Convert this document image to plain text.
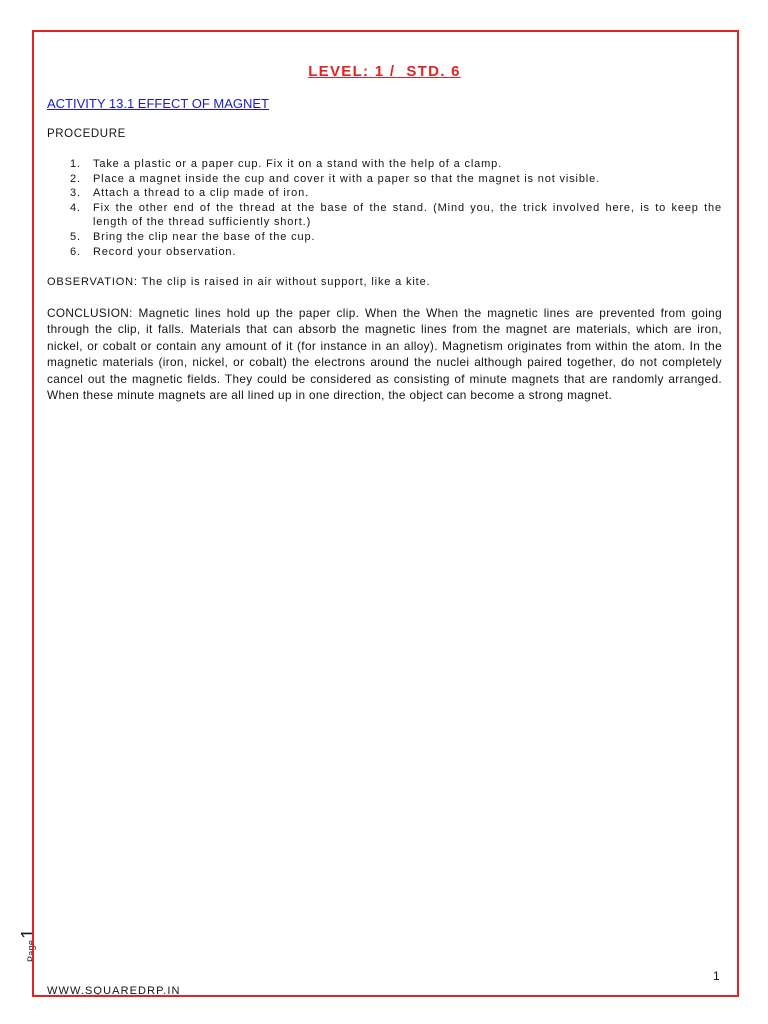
LEVEL: 1 /  STD. 6
ACTIVITY 13.1 EFFECT OF MAGNET
PROCEDURE
1.	Take a plastic or a paper cup. Fix it on a stand with the help of a clamp.
2.	Place a magnet inside the cup and cover it with a paper so that the magnet is not visible.
3.	Attach a thread to a clip made of iron.
4.	Fix the other end of the thread at the base of the stand. (Mind you, the trick involved here, is to keep the length of the thread sufficiently short.)
5.	Bring the clip near the base of the cup.
6.	Record your observation.
OBSERVATION: The clip is raised in air without support, like a kite.
CONCLUSION: Magnetic lines hold up the paper clip. When the When the magnetic lines are prevented from going through the clip, it falls. Materials that can absorb the magnetic lines from the magnet are materials, which are iron, nickel, or cobalt or contain any amount of it (for instance in an alloy). Magnetism originates from within the atom. In the magnetic materials (iron, nickel, or cobalt) the electrons around the nuclei although paired together, do not completely cancel out the magnetic fields. They could be considered as consisting of minute magnets that are randomly arranged. When these minute magnets are all lined up in one direction, the object can become a strong magnet.
Page1
1
WWW.SQUAREDRP.IN
